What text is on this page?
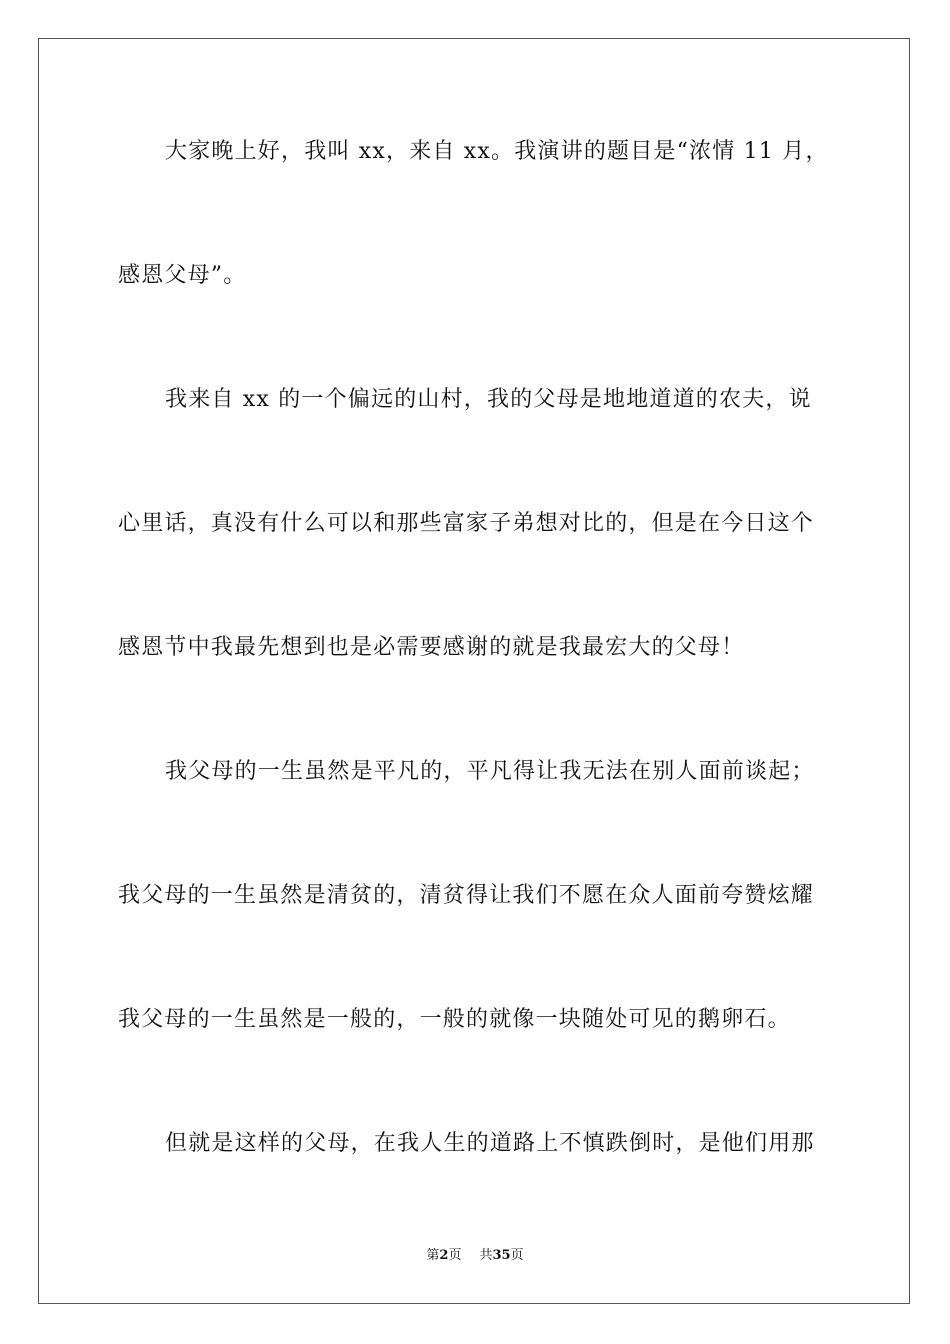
大家晚上好，我叫 xx，来自 xx。我演讲的题目是“浓情 11 月，
感恩父母”。
我来自 xx 的一个偏远的山村，我的父母是地地道道的农夫，说
心里话，真没有什么可以和那些富家子弟想对比的，但是在今日这个
感恩节中我最先想到也是必需要感谢的就是我最宏大的父母！
我父母的一生虽然是平凡的，平凡得让我无法在别人面前谈起；
我父母的一生虽然是清贫的，清贫得让我们不愿在众人面前夸赞炫耀
我父母的一生虽然是一般的，一般的就像一块随处可见的鹅卵石。
但就是这样的父母，在我人生的道路上不慎跌倒时，是他们用那
第2页 共35页
